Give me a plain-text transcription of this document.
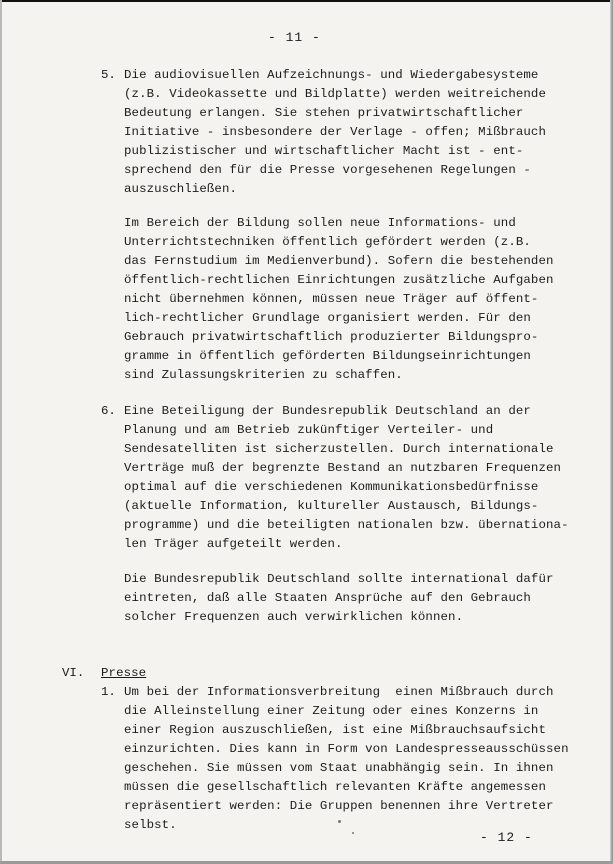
- 11 -
5. Die audiovisuellen Aufzeichnungs- und Wiedergabesysteme
(z.B. Videokassette und Bildplatte) werden weitreichende
Bedeutung erlangen. Sie stehen privatwirtschaftlicher
Initiative - insbesondere der Verlage - offen; Mißbrauch
publizistischer und wirtschaftlicher Macht ist - ent-
sprechend den für die Presse vorgesehenen Regelungen -
auszuschließen.
Im Bereich der Bildung sollen neue Informations- und
Unterrichtstechniken öffentlich gefördert werden (z.B.
das Fernstudium im Medienverbund). Sofern die bestehenden
öffentlich-rechtlichen Einrichtungen zusätzliche Aufgaben
nicht übernehmen können, müssen neue Träger auf öffent-
lich-rechtlicher Grundlage organisiert werden. Für den
Gebrauch privatwirtschaftlich produzierter Bildungspro-
gramme in öffentlich geförderten Bildungseinrichtungen
sind Zulassungskriterien zu schaffen.
6. Eine Beteiligung der Bundesrepublik Deutschland an der
Planung und am Betrieb zukünftiger Verteiler- und
Sendesatelliten ist sicherzustellen. Durch internationale
Verträge muß der begrenzte Bestand an nutzbaren Frequenzen
optimal auf die verschiedenen Kommunikationsbedürfnisse
(aktuelle Information, kultureller Austausch, Bildungs-
programme) und die beteiligten nationalen bzw. übernationa-
len Träger aufgeteilt werden.
Die Bundesrepublik Deutschland sollte international dafür
eintreten, daß alle Staaten Ansprüche auf den Gebrauch
solcher Frequenzen auch verwirklichen können.
VI. Presse
1. Um bei der Informationsverbreitung  einen Mißbrauch durch
die Alleinstellung einer Zeitung oder eines Konzerns in
einer Region auszuschließen, ist eine Mißbrauchsaufsicht
einzurichten. Dies kann in Form von Landespresseausschüssen
geschehen. Sie müssen vom Staat unabhängig sein. In ihnen
müssen die gesellschaftlich relevanten Kräfte angemessen
repräsentiert werden: Die Gruppen benennen ihre Vertreter
selbst.
- 12 -
